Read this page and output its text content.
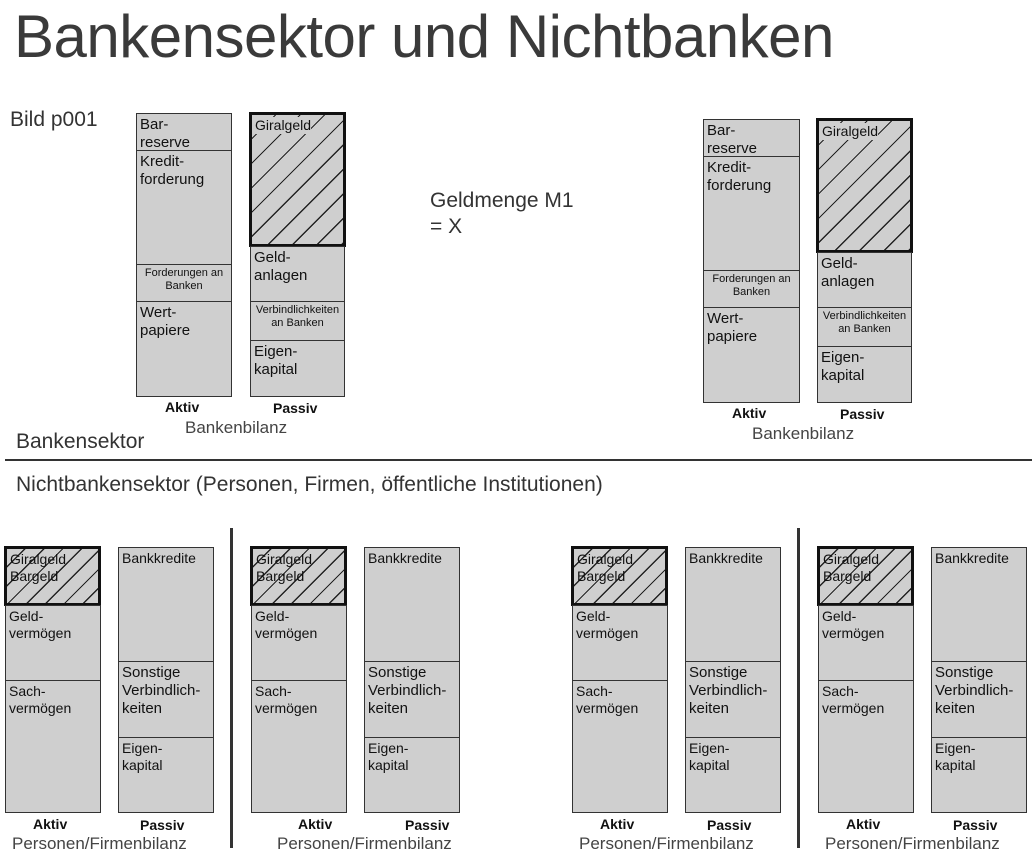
Bankensektor und Nichtbanken
Bild p001
Geldmenge M1
= X
Bankensektor
Nichtbankensektor (Personen, Firmen, öffentliche Institutionen)
Bar-
reserve
Kredit-
forderung
Forderungen an
Banken
Wert-
papiere
Giralgeld
Geld-
anlagen
Verbindlichkeiten
an Banken
Eigen-
kapital
Aktiv	Passiv
Bankenbilanz
Bar-
reserve
Kredit-
forderung
Forderungen an
Banken
Wert-
papiere
Giralgeld
Geld-
anlagen
Verbindlichkeiten
an Banken
Eigen-
kapital
Aktiv	Passiv
Bankenbilanz
Giralgeld
Bargeld
Geld-
vermögen
Sach-
vermögen
Bankkredite
Sonstige
Verbindlich-
keiten
Eigen-
kapital
Aktiv	Passiv
Personen/Firmenbilanz
Giralgeld
Bargeld
Geld-
vermögen
Sach-
vermögen
Bankkredite
Sonstige
Verbindlich-
keiten
Eigen-
kapital
Aktiv	Passiv
Personen/Firmenbilanz
Giralgeld
Bargeld
Geld-
vermögen
Sach-
vermögen
Bankkredite
Sonstige
Verbindlich-
keiten
Eigen-
kapital
Aktiv	Passiv
Personen/Firmenbilanz
Giralgeld
Bargeld
Geld-
vermögen
Sach-
vermögen
Bankkredite
Sonstige
Verbindlich-
keiten
Eigen-
kapital
Aktiv	Passiv
Personen/Firmenbilanz
